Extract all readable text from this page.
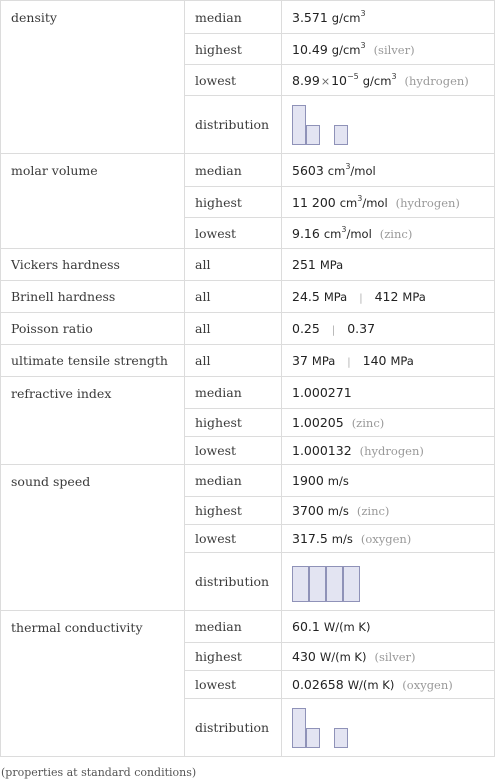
density	median	3.571 $g/cm^3$
	highest	10.49 $g/cm^3$ (silver)
	lowest	$8.99\times 10^{-5}$ $g/cm^3$ (hydrogen)
	distribution	

molar volume	median	5603 $cm^3$/mol
	highest	11 200 $cm^3$/mol (hydrogen)
	lowest	9.16 $cm^3$/mol (zinc)
Vickers hardness	all	251 MPa
Brinell hardness	all	24.5 MPa | 412 MPa
Poisson ratio	all	0.25 | 0.37
ultimate tensile strength	all	37 MPa | 140 MPa
refractive index	median	1.000271
	highest	1.00205 (zinc)
	lowest	1.000132 (hydrogen)
sound speed	median	1900 m/s
	highest	3700 m/s (zinc)
	lowest	317.5 m/s (oxygen)
	distribution	

thermal conductivity	median	60.1 W/(m K)
	highest	430 W/(m K) (silver)
	lowest	0.02658 W/(m K) (oxygen)
	distribution	
(properties at standard conditions)
